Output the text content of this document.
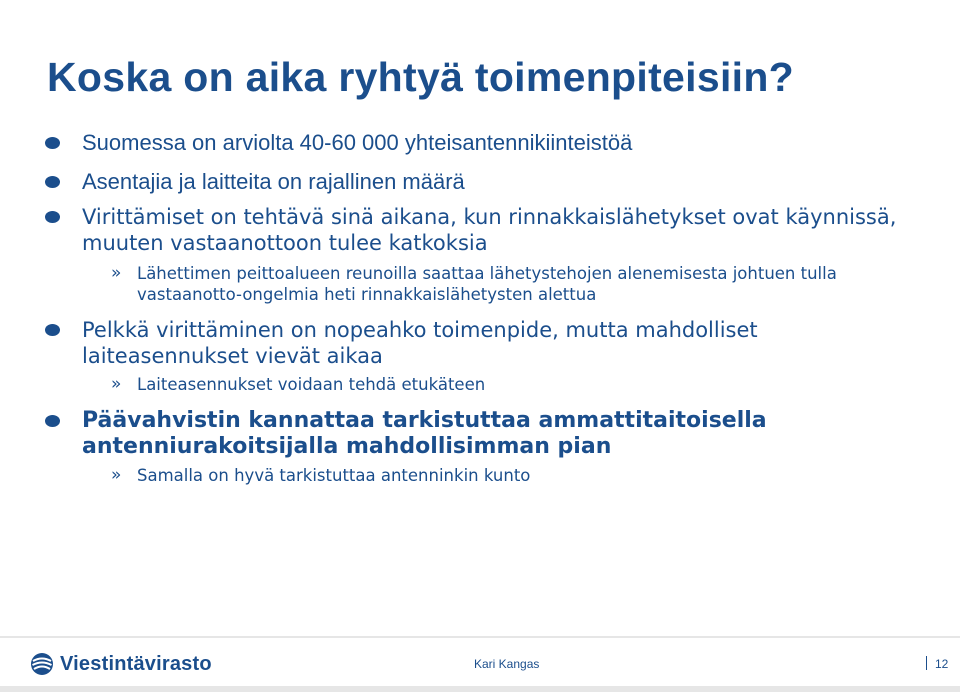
Koska on aika ryhtyä toimenpiteisiin?
Suomessa on arviolta 40-60 000 yhteisantennikiinteistöä
Asentajia ja laitteita on rajallinen määrä
Virittämiset on tehtävä sinä aikana, kun rinnakkaislähetykset ovat käynnissä, muuten vastaanottoon tulee katkoksia
» Lähettimen peittoalueen reunoilla saattaa lähetystehojen alenemisesta johtuen tulla vastaanotto-ongelmia heti rinnakkaislähetysten alettua
Pelkkä virittäminen on nopeahko toimenpide, mutta mahdolliset laiteasennukset vievät aikaa
» Laiteasennukset voidaan tehdä etukäteen
Päävahvistin kannattaa tarkistuttaa ammattitaitoisella antenniurakoitsijalla mahdollisimman pian
» Samalla on hyvä tarkistuttaa antenninkin kunto
Viestintävirasto	Kari Kangas	12
